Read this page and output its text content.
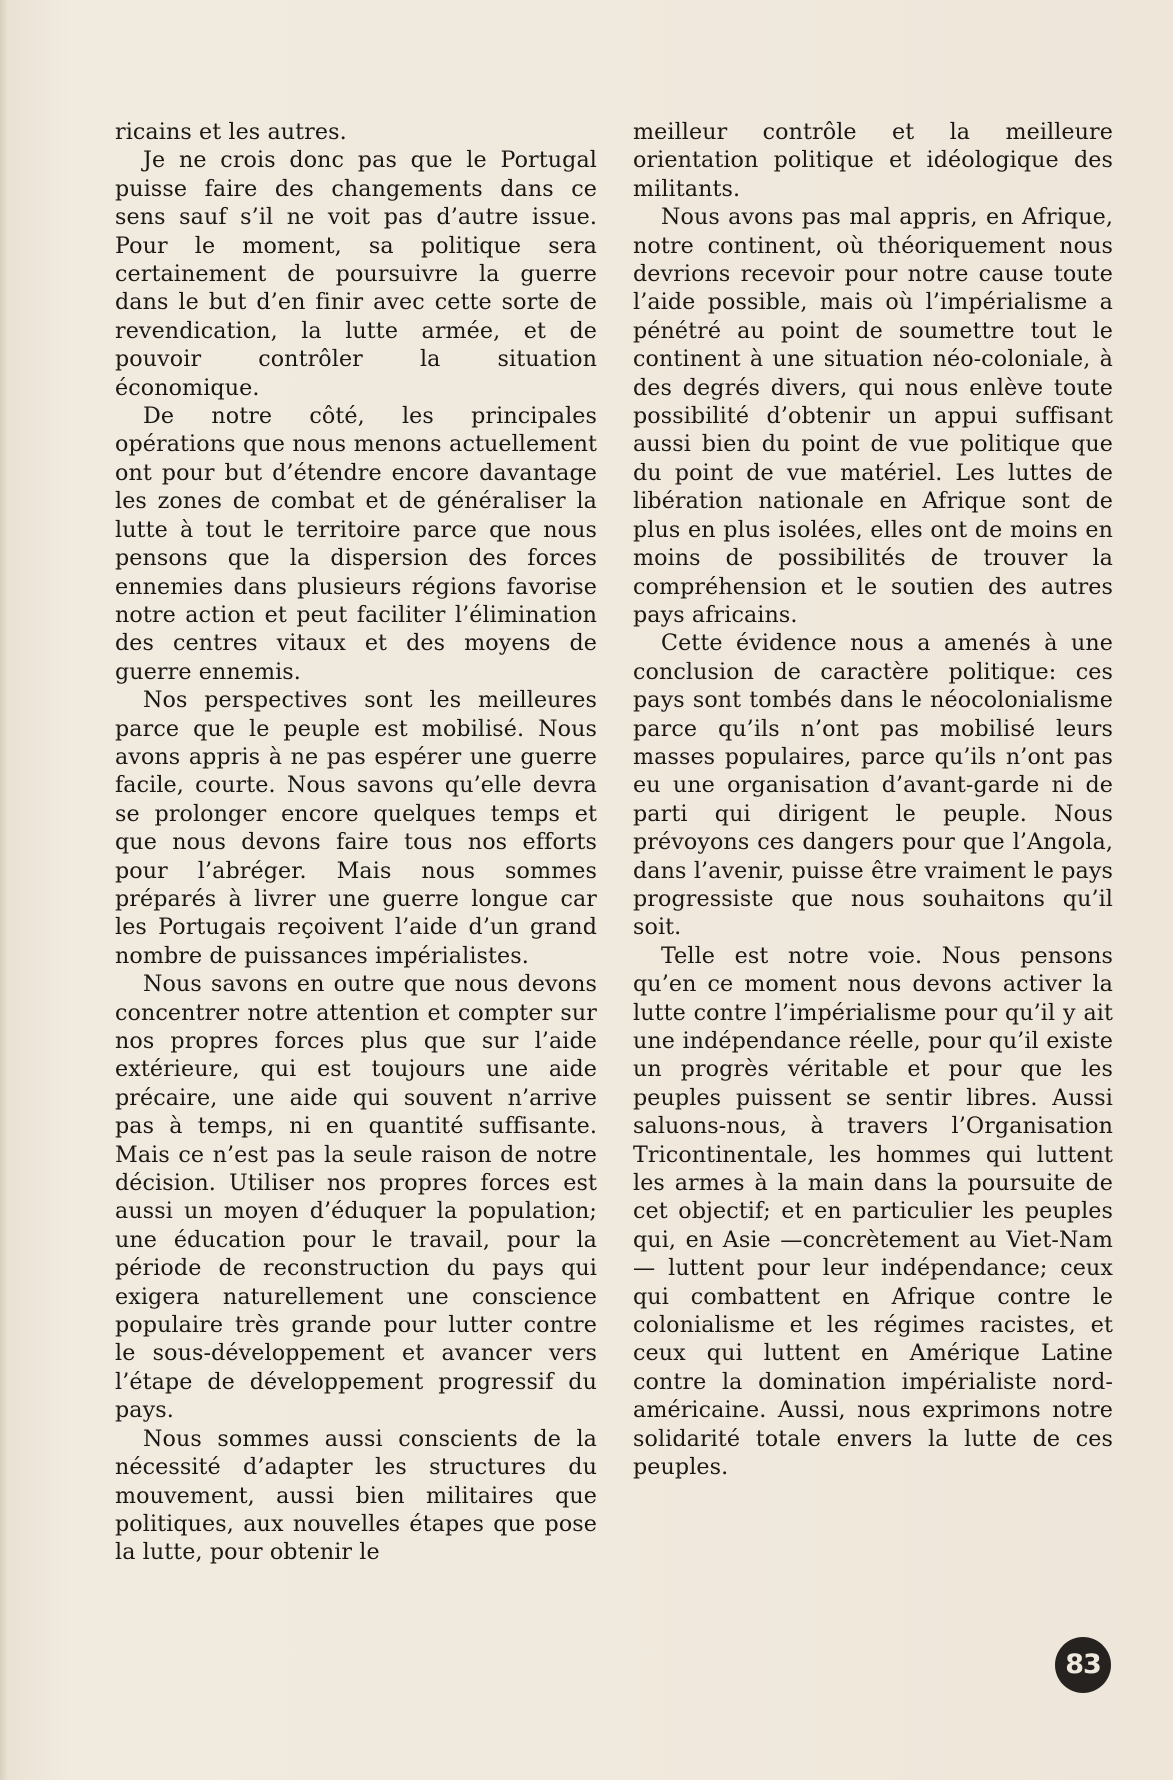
ricains et les autres.

Je ne crois donc pas que le Portugal puisse faire des changements dans ce sens sauf s’il ne voit pas d’autre issue. Pour le moment, sa politique sera certainement de poursuivre la guerre dans le but d’en finir avec cette sorte de revendication, la lutte armée, et de pouvoir contrôler la situation économique.

De notre côté, les principales opérations que nous menons actuellement ont pour but d’étendre encore davantage les zones de combat et de généraliser la lutte à tout le territoire parce que nous pensons que la dispersion des forces ennemies dans plusieurs régions favorise notre action et peut faciliter l’élimination des centres vitaux et des moyens de guerre ennemis.

Nos perspectives sont les meilleures parce que le peuple est mobilisé. Nous avons appris à ne pas espérer une guerre facile, courte. Nous savons qu’elle devra se prolonger encore quelques temps et que nous devons faire tous nos efforts pour l’abréger. Mais nous sommes préparés à livrer une guerre longue car les Portugais reçoivent l’aide d’un grand nombre de puissances impérialistes.

Nous savons en outre que nous devons concentrer notre attention et compter sur nos propres forces plus que sur l’aide extérieure, qui est toujours une aide précaire, une aide qui souvent n’arrive pas à temps, ni en quantité suffisante. Mais ce n’est pas la seule raison de notre décision. Utiliser nos propres forces est aussi un moyen d’éduquer la population; une éducation pour le travail, pour la période de reconstruction du pays qui exigera naturellement une conscience populaire très grande pour lutter contre le sous-développement et avancer vers l’étape de développement progressif du pays.

Nous sommes aussi conscients de la nécessité d’adapter les structures du mouvement, aussi bien militaires que politiques, aux nouvelles étapes que pose la lutte, pour obtenir le

meilleur contrôle et la meilleure orientation politique et idéologique des militants.

Nous avons pas mal appris, en Afrique, notre continent, où théoriquement nous devrions recevoir pour notre cause toute l’aide possible, mais où l’impérialisme a pénétré au point de soumettre tout le continent à une situation néo-coloniale, à des degrés divers, qui nous enlève toute possibilité d’obtenir un appui suffisant aussi bien du point de vue politique que du point de vue matériel. Les luttes de libération nationale en Afrique sont de plus en plus isolées, elles ont de moins en moins de possibilités de trouver la compréhension et le soutien des autres pays africains.

Cette évidence nous a amenés à une conclusion de caractère politique: ces pays sont tombés dans le néocolonialisme parce qu’ils n’ont pas mobilisé leurs masses populaires, parce qu’ils n’ont pas eu une organisation d’avant-garde ni de parti qui dirigent le peuple. Nous prévoyons ces dangers pour que l’Angola, dans l’avenir, puisse être vraiment le pays progressiste que nous souhaitons qu’il soit.

Telle est notre voie. Nous pensons qu’en ce moment nous devons activer la lutte contre l’impérialisme pour qu’il y ait une indépendance réelle, pour qu’il existe un progrès véritable et pour que les peuples puissent se sentir libres. Aussi saluons-nous, à travers l’Organisation Tricontinentale, les hommes qui luttent les armes à la main dans la poursuite de cet objectif; et en particulier les peuples qui, en Asie —concrètement au Viet-Nam— luttent pour leur indépendance; ceux qui combattent en Afrique contre le colonialisme et les régimes racistes, et ceux qui luttent en Amérique Latine contre la domination impérialiste nord-américaine. Aussi, nous exprimons notre solidarité totale envers la lutte de ces peuples.

83
